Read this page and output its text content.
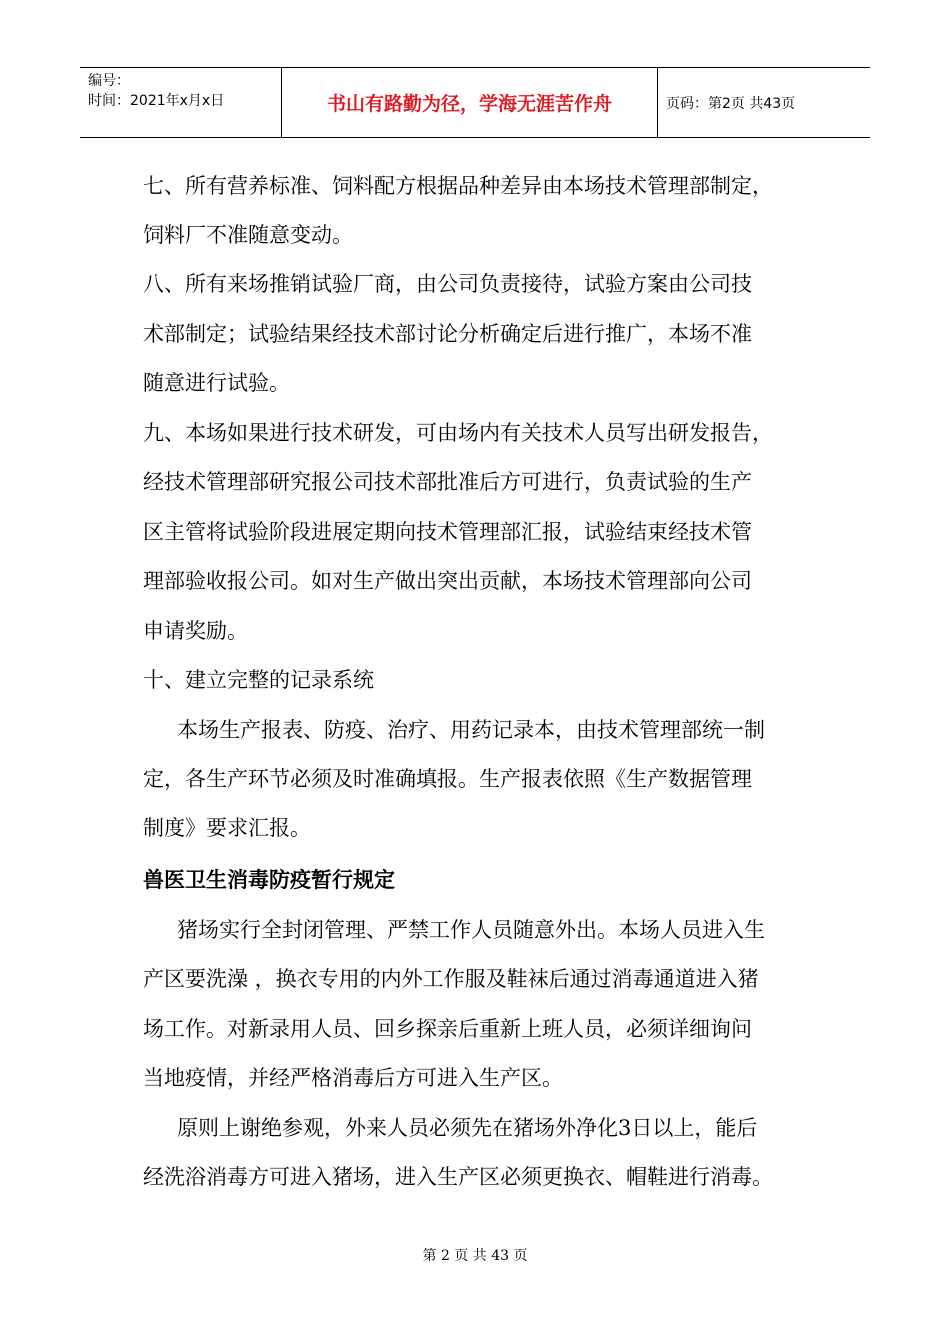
编号：
时间：2021年x月x日	书山有路勤为径，学海无涯苦作舟	页码：第2页 共43页
七、所有营养标准、饲料配方根据品种差异由本场技术管理部制定，
饲料厂不准随意变动。
八、所有来场推销试验厂商，由公司负责接待，试验方案由公司技
术部制定；试验结果经技术部讨论分析确定后进行推广，本场不准
随意进行试验。
九、本场如果进行技术研发，可由场内有关技术人员写出研发报告，
经技术管理部研究报公司技术部批准后方可进行，负责试验的生产
区主管将试验阶段进展定期向技术管理部汇报，试验结束经技术管
理部验收报公司。如对生产做出突出贡献，本场技术管理部向公司
申请奖励。
十、建立完整的记录系统
本场生产报表、防疫、治疗、用药记录本，由技术管理部统一制
定，各生产环节必须及时准确填报。生产报表依照《生产数据管理
制度》要求汇报。
兽医卫生消毒防疫暂行规定
猪场实行全封闭管理、严禁工作人员随意外出。本场人员进入生
产区要洗澡 ，换衣专用的内外工作服及鞋袜后通过消毒通道进入猪
场工作。对新录用人员、回乡探亲后重新上班人员，必须详细询问
当地疫情，并经严格消毒后方可进入生产区。
原则上谢绝参观，外来人员必须先在猪场外净化3日以上，能后
经洗浴消毒方可进入猪场，进入生产区必须更换衣、帽鞋进行消毒。
第 2 页 共 43 页
